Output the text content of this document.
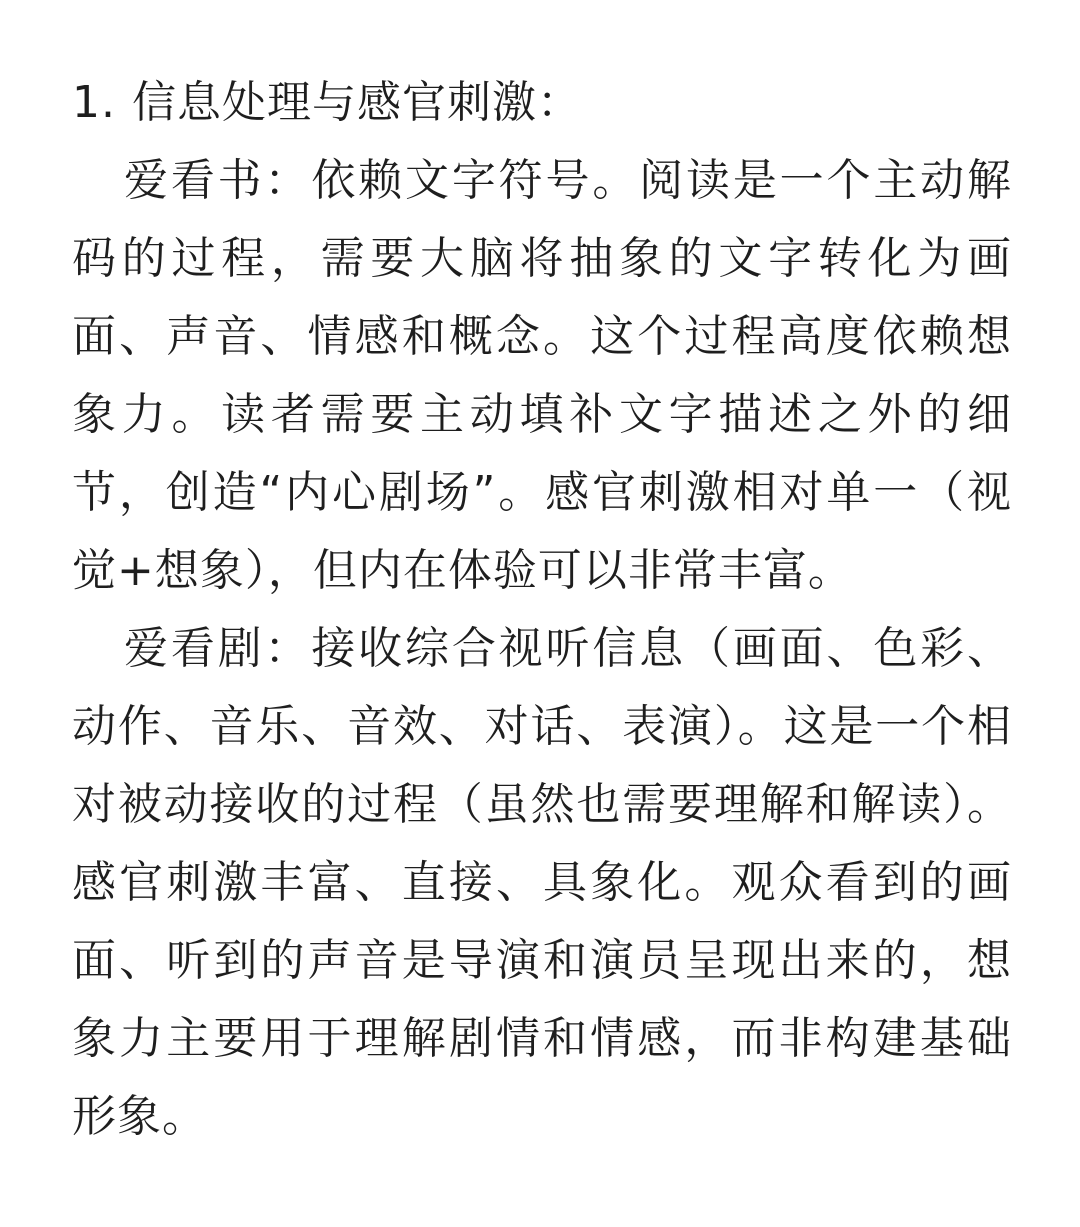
1. 信息处理与感官刺激：

爱看书：依赖文字符号。阅读是一个主动解码的过程，需要大脑将抽象的文字转化为画面、声音、情感和概念。这个过程高度依赖想象力。读者需要主动填补文字描述之外的细节，创造“内心剧场”。感官刺激相对单一（视觉+想象），但内在体验可以非常丰富。

爱看剧：接收综合视听信息（画面、色彩、动作、音乐、音效、对话、表演）。这是一个相对被动接收的过程（虽然也需要理解和解读）。感官刺激丰富、直接、具象化。观众看到的画面、听到的声音是导演和演员呈现出来的，想象力主要用于理解剧情和情感，而非构建基础形象。
